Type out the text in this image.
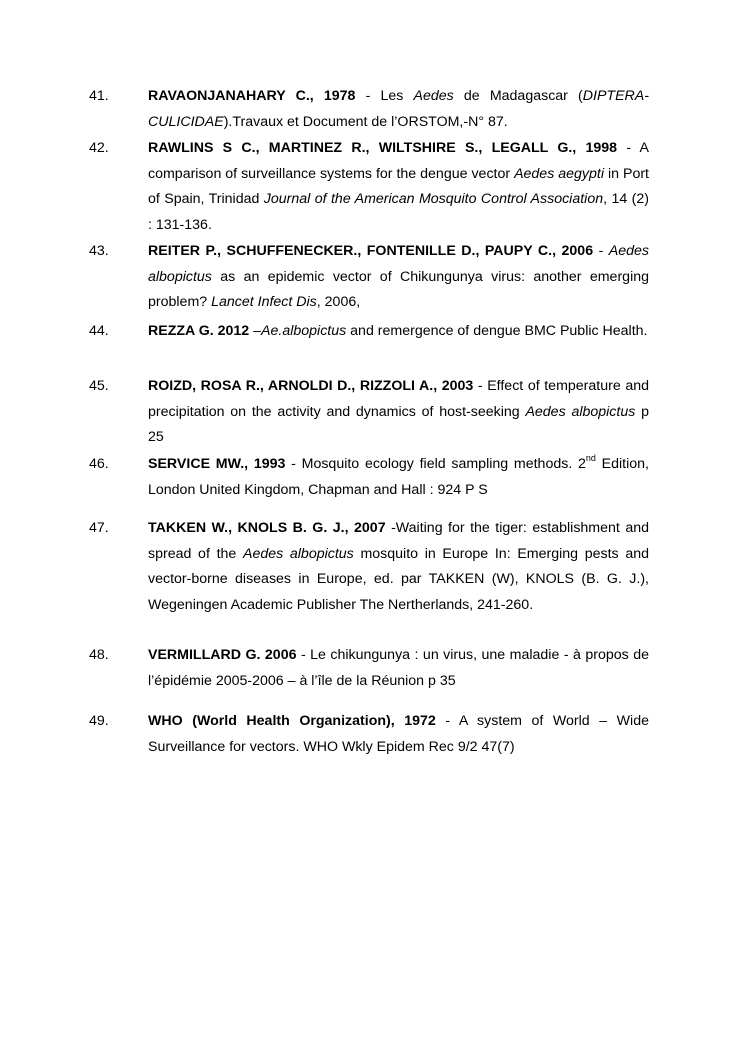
41.	RAVAONJANAHARY C., 1978 - Les Aedes de Madagascar (DIPTERA-CULICIDAE).Travaux et Document de l’ORSTOM,-N° 87.
42.	RAWLINS S C., MARTINEZ R., WILTSHIRE S., LEGALL G., 1998 - A comparison of surveillance systems for the dengue vector Aedes aegypti in Port of Spain, Trinidad Journal of the American Mosquito Control Association, 14 (2) : 131-136.
43.	REITER P., SCHUFFENECKER., FONTENILLE D., PAUPY C., 2006 - Aedes albopictus as an epidemic vector of Chikungunya virus: another emerging problem? Lancet Infect Dis, 2006,
44.	REZZA G. 2012 –Ae.albopictus and remergence of dengue BMC Public Health.
45.	ROIZD, ROSA R., ARNOLDI D., RIZZOLI A., 2003 - Effect of temperature and precipitation on the activity and dynamics of host-seeking Aedes albopictus p 25
46.	SERVICE MW., 1993 - Mosquito ecology field sampling methods. 2nd Edition, London United Kingdom, Chapman and Hall : 924 P S
47.	TAKKEN W., KNOLS B. G. J., 2007 -Waiting for the tiger: establishment and spread of the Aedes albopictus mosquito in Europe In: Emerging pests and vector-borne diseases in Europe, ed. par TAKKEN (W), KNOLS (B. G. J.), Wegeningen Academic Publisher The Nertherlands, 241-260.
48.	VERMILLARD G. 2006 - Le chikungunya : un virus, une maladie - à propos de l’épidémie 2005-2006 – à l’île de la Réunion p 35
49.	WHO (World Health Organization), 1972 - A system of World – Wide Surveillance for vectors. WHO Wkly Epidem Rec 9/2 47(7)
